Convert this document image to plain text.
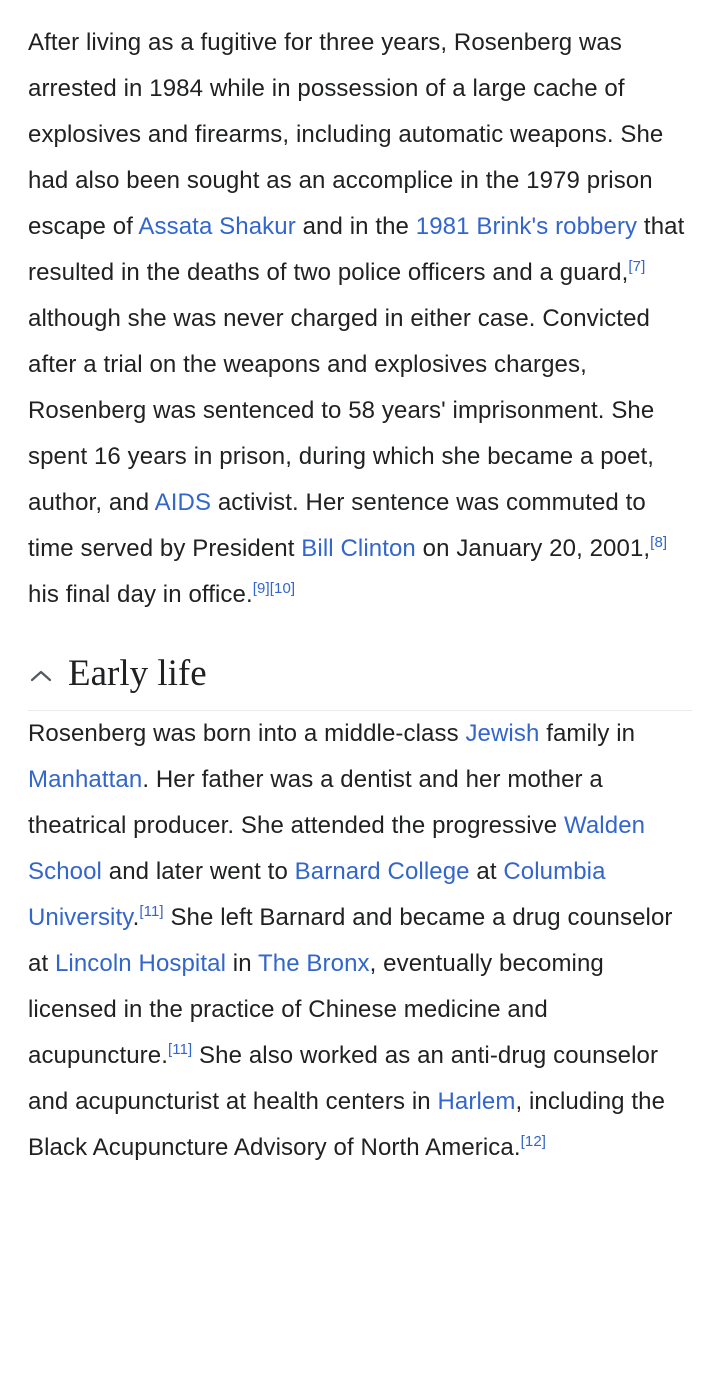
After living as a fugitive for three years, Rosenberg was arrested in 1984 while in possession of a large cache of explosives and firearms, including automatic weapons. She had also been sought as an accomplice in the 1979 prison escape of Assata Shakur and in the 1981 Brink's robbery that resulted in the deaths of two police officers and a guard,[7] although she was never charged in either case. Convicted after a trial on the weapons and explosives charges, Rosenberg was sentenced to 58 years' imprisonment. She spent 16 years in prison, during which she became a poet, author, and AIDS activist. Her sentence was commuted to time served by President Bill Clinton on January 20, 2001,[8] his final day in office.[9][10]

Early life

Rosenberg was born into a middle-class Jewish family in Manhattan. Her father was a dentist and her mother a theatrical producer. She attended the progressive Walden School and later went to Barnard College at Columbia University.[11] She left Barnard and became a drug counselor at Lincoln Hospital in The Bronx, eventually becoming licensed in the practice of Chinese medicine and acupuncture.[11] She also worked as an anti-drug counselor and acupuncturist at health centers in Harlem, including the Black Acupuncture Advisory of North America.[12]
